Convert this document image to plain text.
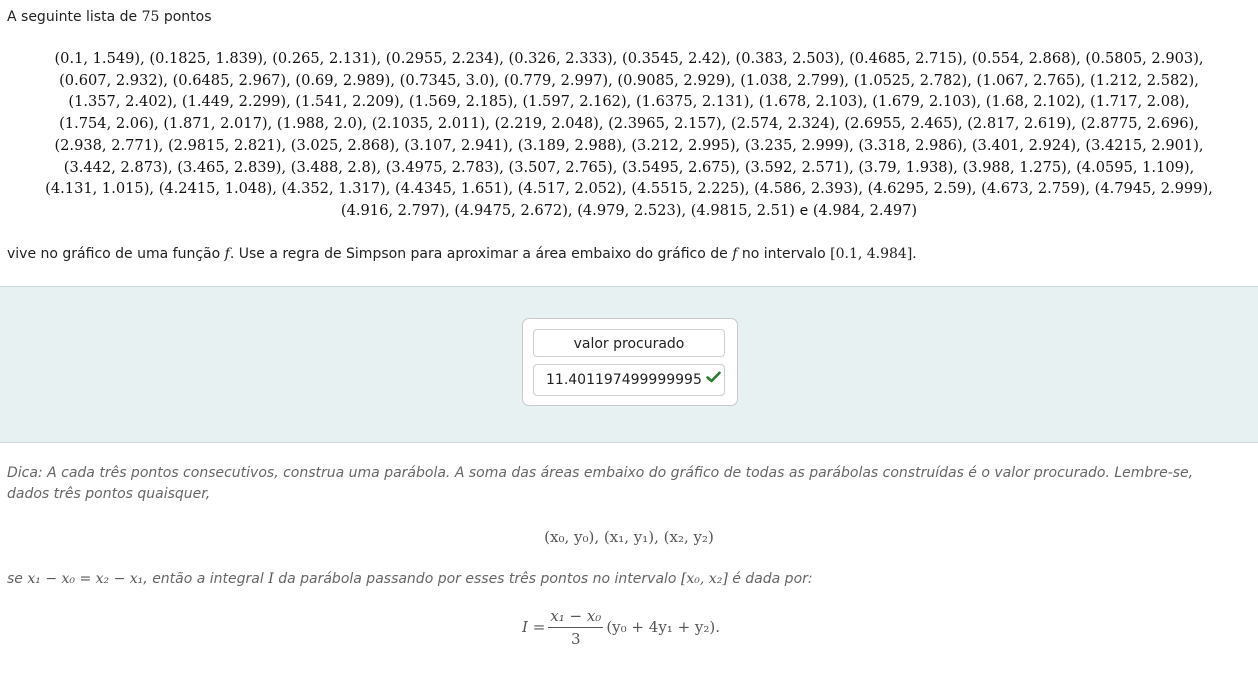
A seguinte lista de 75 pontos
(0.1, 1.549), (0.1825, 1.839), (0.265, 2.131), (0.2955, 2.234), (0.326, 2.333), (0.3545, 2.42), (0.383, 2.503), (0.4685, 2.715), (0.554, 2.868), (0.5805, 2.903), (0.607, 2.932), (0.6485, 2.967), (0.69, 2.989), (0.7345, 3.0), (0.779, 2.997), (0.9085, 2.929), (1.038, 2.799), (1.0525, 2.782), (1.067, 2.765), (1.212, 2.582), (1.357, 2.402), (1.449, 2.299), (1.541, 2.209), (1.569, 2.185), (1.597, 2.162), (1.6375, 2.131), (1.678, 2.103), (1.679, 2.103), (1.68, 2.102), (1.717, 2.08), (1.754, 2.06), (1.871, 2.017), (1.988, 2.0), (2.1035, 2.011), (2.219, 2.048), (2.3965, 2.157), (2.574, 2.324), (2.6955, 2.465), (2.817, 2.619), (2.8775, 2.696), (2.938, 2.771), (2.9815, 2.821), (3.025, 2.868), (3.107, 2.941), (3.189, 2.988), (3.212, 2.995), (3.235, 2.999), (3.318, 2.986), (3.401, 2.924), (3.4215, 2.901), (3.442, 2.873), (3.465, 2.839), (3.488, 2.8), (3.4975, 2.783), (3.507, 2.765), (3.5495, 2.675), (3.592, 2.571), (3.79, 1.938), (3.988, 1.275), (4.0595, 1.109), (4.131, 1.015), (4.2415, 1.048), (4.352, 1.317), (4.4345, 1.651), (4.517, 2.052), (4.5515, 2.225), (4.586, 2.393), (4.6295, 2.59), (4.673, 2.759), (4.7945, 2.999), (4.916, 2.797), (4.9475, 2.672), (4.979, 2.523), (4.9815, 2.51) e (4.984, 2.497)
vive no gráfico de uma função f. Use a regra de Simpson para aproximar a área embaixo do gráfico de f no intervalo [0.1, 4.984].
valor procurado
11.401197499999995
Dica: A cada três pontos consecutivos, construa uma parábola. A soma das áreas embaixo do gráfico de todas as parábolas construídas é o valor procurado. Lembre-se, dados três pontos quaisquer,
(x₀, y₀), (x₁, y₁), (x₂, y₂)
se x₁ − x₀ = x₂ − x₁, então a integral I da parábola passando por esses três pontos no intervalo [x₀, x₂] é dada por:
$I = \frac{\text{x₁ − x₀}}{3} (y_0 + 4y_1 + y_2)$.
